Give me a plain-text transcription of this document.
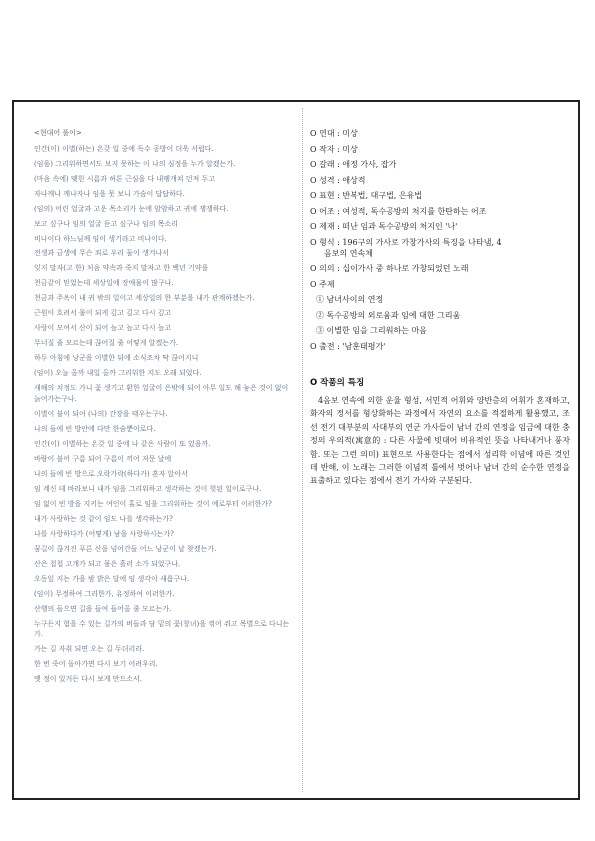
<현대어 풀이>

인간(이) 이별(하는) 온갖 일 중에 독수 공방이 더욱 서럽다.

(임을) 그리워하면서도 보지 못하는 이 나의 심정을 누가 알겠는가.

(마음 속에) 맺힌 시름과 허튼 근심을 다 내팽개쳐 던져 두고

자나깨나 깨나자나 임을 못 보니 가슴이 답답하다.

(임의) 어린 얼굴과 고운 목소리가 눈에 암암하고 귀에 쟁쟁하다.

보고 싶구나 임의 얼굴 듣고 싶구나 임의 목소리

비나이다 하느님께 임이 생기라고 비나이다.

전생과 금생에 무슨 죄로 우리 둘이 생겨나서

잊지 말자(고 한) 처음 약속과 죽지 말자고 한 백년 기약을

천금같이 믿었는데 세상일에 장애물이 많구나.

천금과 주옥이 내 귀 밖의 일이고 세상일의 한 부분을 내가 관계하겠는가.

근원이 흐려서 물이 되게 깊고 깊고 다시 깊고

사랑이 모여서 산이 되어 높고 높고 다시 높고

무너질 줄 모르는데 끊어질 줄 어떻게 알겠는가.

하두 아침에 낭군을 이별한 뒤에 소식조차 딱 끊어지니

(임이) 오늘 올까 내일 올까 그리워한 지도 오래 되었다.

새해의 치정도 가니 꽃 생기고 환한 얼굴이 은밖에 되어 아무 일도 해 놓은 것이 없이 늙어가는구나.

이별이 불이 되어 (나의) 간장을 태우는구나.

나의 들에 빈 방안에 다만 한숨뿐이로다.

인간(이) 이별하는 온갖 일 중에 나 같은 사람이 또 있을까.

바람이 불어 구름 되어 구름이 끼어 저문 날에

나의 들에 빈 방으로 오락가락(하다가) 혼자 앉아서

임 계신 데 바라보니 내가 임을 그리워하고 생각하는 것이 헛된 일이로구나.

임 없이 빈 방을 지키는 여인이 홀로 임을 그리워하는 것이 예로부터 이러한가?

내가 사랑하는 것 같이 임도 나를 생각하는가?

나를 사랑하다가 (어떻게) 남을 사랑하시는가?

꿈길이 끊겨진 푸른 산을 넘어간들 어느 낭군이 날 찾겠는가.

산은 첩첩 고개가 되고 물은 흘러 소가 되었구나.

오동잎 지는 가을 밤 밝은 달에 임 생각이 새롭구나.

(임이) 무정하여 그리한가, 유정하여 이러한가.

산행의 들으면 길을 들여 들어올 줄 모르는가.

누구든지 험을 수 있는 길가의 버들과 담 밑의 꽃(창녀)을 꺾어 쥐고 목별으로 다니는가.

가는 길 자취 되면 오는 길 두더리라.

한 번 죽어 돌아가면 다시 보기 어려우리.

옛 정이 있거든 다시 보게 만드소서.

O 연대 : 미상
O 작자 : 미상
O 갈래 : 애정 가사, 잡가
O 성격 : 애상적
O 표현 : 반복법, 대구법, 은유법
O 어조 : 여성적, 독수공방의 처지를 한탄하는 어조
O 제재 : 떠난 임과 독수공방의 처지인 '나'
O 형식 : 196구의 가사로 가창가사의 특징을 나타냄, 4
음보의 연속체
O 의의 : 십이가사 중 하나로 가창되었던 노래
O 주제
① 남녀사이의 연정
② 독수공방의 외로움과 임에 대한 그리움
③ 이별한 임을 그리워하는 마음
O 출전 : '남훈태평가'
O 작품의 특징

4음보 연속에 의한 운율 형성, 서민적 어휘와 양반층의 어휘가 혼재하고, 화자의 정서를 형상화하는 과정에서 자연의 요소를 적절하게 활용했고, 조선 전기 대부분의 사대부의 연군 가사들이 남녀 간의 연정을 임금에 대한 충정의 우의적(寓意的 : 다른 사물에 빗대어 비유적인 뜻을 나타내거나 풍자함. 또는 그런 의미) 표현으로 사용한다는 점에서 성리학 이념에 따른 것인데 반해, 이 노래는 그러한 이념적 틀에서 벗어나 남녀 간의 순수한 연정을 표출하고 있다는 점에서 전기 가사와 구분된다.
